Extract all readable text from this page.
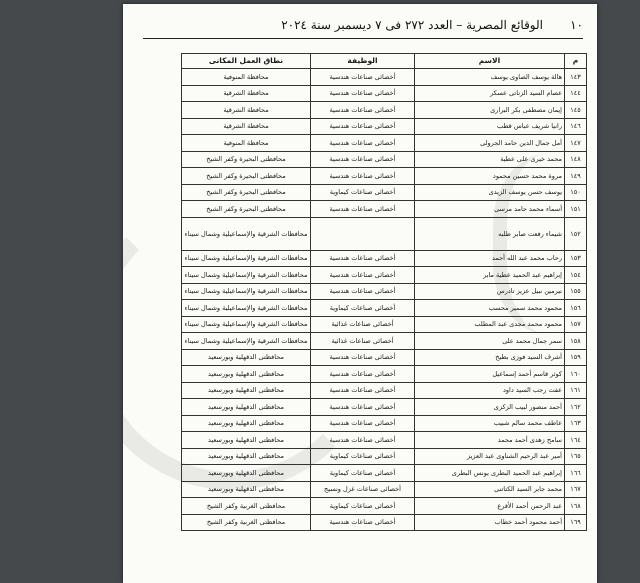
١٠
الوقائع المصرية – العدد ٢٧٢ فى ٧ ديسمبر سنة ٢٠٢٤
م	الاسم	الوظيفة	نطاق العمل المكانى
١٤٣	هالة يوسف الصاوى يوسف	أخصائى صناعات هندسية	محافظة المنوفية
١٤٤	عصام السيد الزناتى عسكر	أخصائى صناعات هندسية	محافظة الشرقية
١٤٥	إيمان مصطفى بكر البرارى	أخصائى صناعات هندسية	محافظة الشرقية
١٤٦	رانيا شريف عباس قطب	أخصائى صناعات هندسية	محافظة الشرقية
١٤٧	أمل جمال الدين حامد الجرولى	أخصائى صناعات هندسية	محافظة المنوفية
١٤٨	محمد خيرى على عطية	أخصائى صناعات هندسية	محافظتى البحيرة وكفر الشيخ
١٤٩	مروة محمد حسين محمود	أخصائى صناعات هندسية	محافظتى البحيرة وكفر الشيخ
١٥٠	يوسف حسن يوسف الزيدى	أخصائى صناعات كيماوية	محافظتى البحيرة وكفر الشيخ
١٥١	أسماء محمد حامد مرسى	أخصائى صناعات هندسية	محافظتى البحيرة وكفر الشيخ
١٥٢	شيماء رفعت صابر طلبه		محافظات الشرقية والإسماعيلية وشمال سيناء
١٥٣	رحاب محمد عبد الله أحمد	أخصائى صناعات هندسية	محافظات الشرقية والإسماعيلية وشمال سيناء
١٥٤	إبراهيم عبد الحميد عطية مابر	أخصائى صناعات هندسية	محافظات الشرقية والإسماعيلية وشمال سيناء
١٥٥	نيرمين نبيل عزيز تادرس	أخصائى صناعات هندسية	محافظات الشرقية والإسماعيلية وشمال سيناء
١٥٦	محمود محمد سمير محسب	أخصائى صناعات كيماوية	محافظات الشرقية والإسماعيلية وشمال سيناء
١٥٧	محمود محمد مجدى عبد المطلب	أخصائى صناعات غذائية	محافظات الشرقية والإسماعيلية وشمال سيناء
١٥٨	سمر جمال محمد على	أخصائى صناعات غذائية	محافظات الشرقية والإسماعيلية وشمال سيناء
١٥٩	أشرف السيد فوزى بطيخ	أخصائى صناعات هندسية	محافظتى الدقهلية وبورسعيد
١٦٠	كوثر قاسم أحمد إسماعيل	أخصائى صناعات هندسية	محافظتى الدقهلية وبورسعيد
١٦١	عفت رجب السيد داود	أخصائى صناعات هندسية	محافظتى الدقهلية وبورسعيد
١٦٢	أحمد منصور لبيب الزكزى	أخصائى صناعات هندسية	محافظتى الدقهلية وبورسعيد
١٦٣	عاطف محمد سالم شبيب	أخصائى صناعات هندسية	محافظتى الدقهلية وبورسعيد
١٦٤	سامح زهدى أحمد محمد	أخصائى صناعات هندسية	محافظتى الدقهلية وبورسعيد
١٦٥	أمير عبد الرحيم الشناوى عبد العزيز	أخصائى صناعات كيماوية	محافظتى الدقهلية وبورسعيد
١٦٦	إبراهيم عبد الحميد البطرى يونس البطرى	أخصائى صناعات كيماوية	محافظتى الدقهلية وبورسعيد
١٦٧	محمد جابر السيد الكتاتنى	أخصائى صناعات غزل ونسيج	محافظتى الدقهلية وبورسعيد
١٦٨	عبد الرحمن أحمد الأقرع	أخصائى صناعات كيماوية	محافظتى الغربية وكفر الشيخ
١٦٩	أحمد محمود أحمد خطاب	أخصائى صناعات هندسية	محافظتى الغربية وكفر الشيخ
